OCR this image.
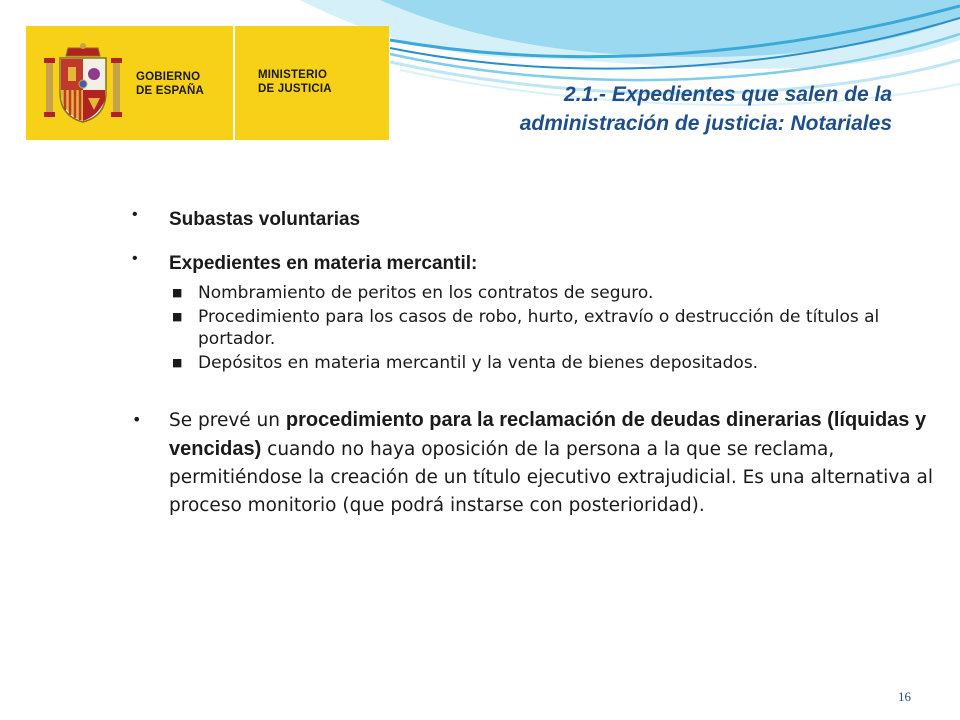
GOBIERNO
DE ESPAÑA
MINISTERIO
DE JUSTICIA	2.1.- Expedientes que salen de la
administración de justicia: Notariales
• Subastas voluntarias
• Expedientes en materia mercantil:
■ Nombramiento de peritos en los contratos de seguro.
■ Procedimiento para los casos de robo, hurto, extravío o destrucción de títulos al portador.
■ Depósitos en materia mercantil y la venta de bienes depositados.
• Se prevé un procedimiento para la reclamación de deudas dinerarias (líquidas y vencidas) cuando no haya oposición de la persona a la que se reclama, permitiéndose la creación de un título ejecutivo extrajudicial. Es una alternativa al proceso monitorio (que podrá instarse con posterioridad).
16
